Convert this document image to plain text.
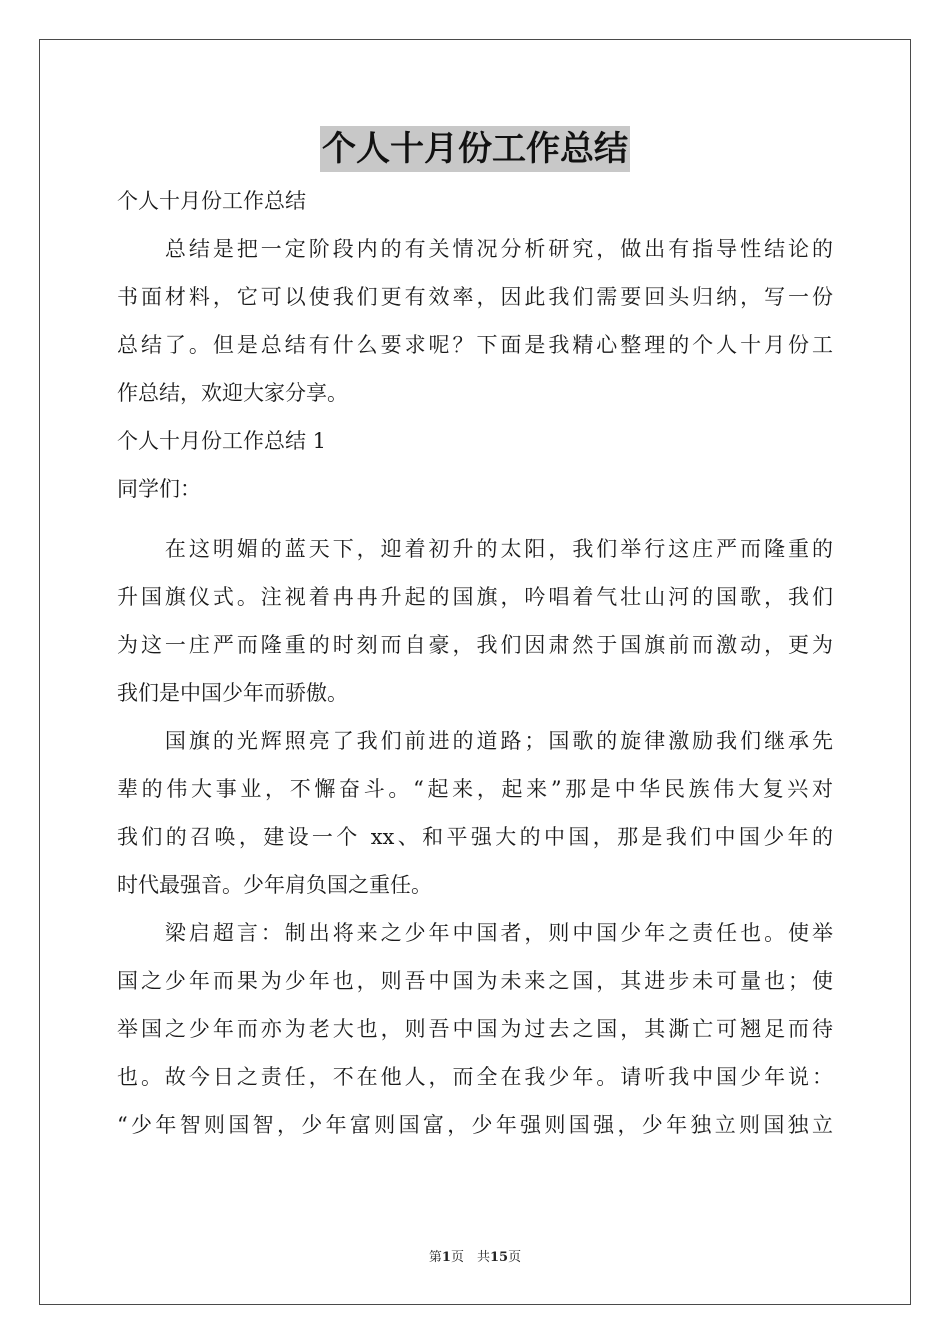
个人十月份工作总结
个人十月份工作总结
　　总结是把一定阶段内的有关情况分析研究，做出有指导性结论的
书面材料，它可以使我们更有效率，因此我们需要回头归纳，写一份
总结了。但是总结有什么要求呢？下面是我精心整理的个人十月份工
作总结，欢迎大家分享。
个人十月份工作总结 1
同学们：
　　在这明媚的蓝天下，迎着初升的太阳，我们举行这庄严而隆重的
升国旗仪式。注视着冉冉升起的国旗，吟唱着气壮山河的国歌，我们
为这一庄严而隆重的时刻而自豪，我们因肃然于国旗前而激动，更为
我们是中国少年而骄傲。
　　国旗的光辉照亮了我们前进的道路；国歌的旋律激励我们继承先
辈的伟大事业，不懈奋斗。“起来，起来”那是中华民族伟大复兴对
我们的召唤，建设一个 xx、和平强大的中国，那是我们中国少年的
时代最强音。少年肩负国之重任。
　　梁启超言：制出将来之少年中国者，则中国少年之责任也。使举
国之少年而果为少年也，则吾中国为未来之国，其进步未可量也；使
举国之少年而亦为老大也，则吾中国为过去之国，其澌亡可翘足而待
也。故今日之责任，不在他人，而全在我少年。请听我中国少年说：
“少年智则国智，少年富则国富，少年强则国强，少年独立则国独立
第1页　共15页
